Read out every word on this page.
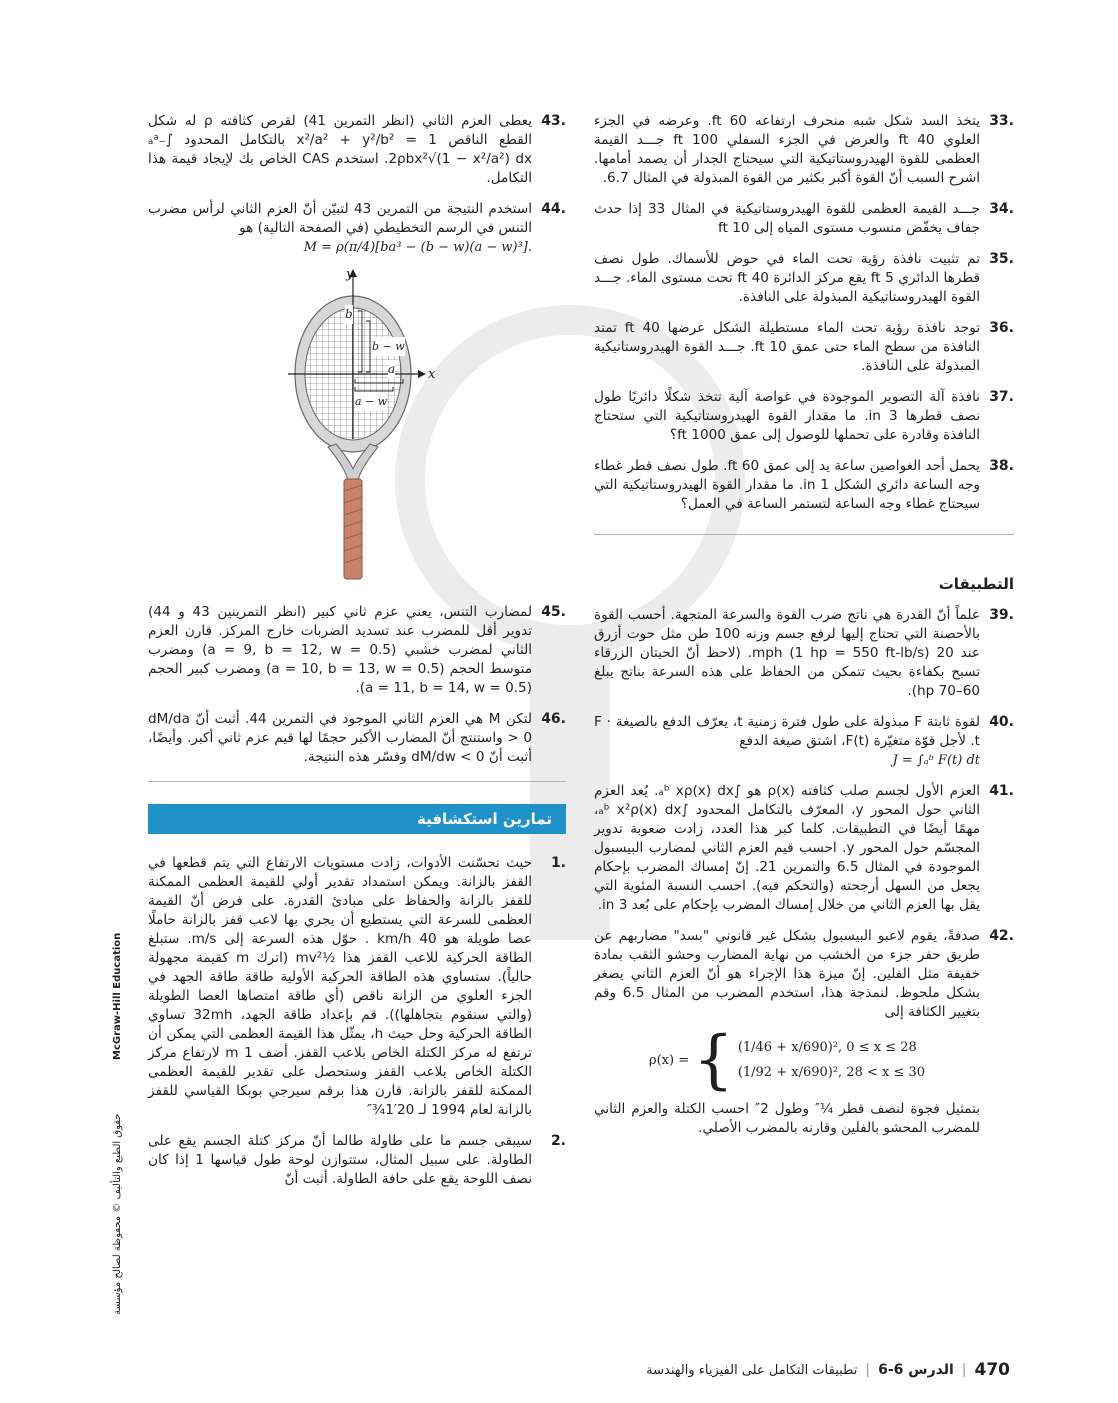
33.
يتخذ السد شكل شبه منحرف ارتفاعه 60 ft. وعرضه في الجزء العلوي 40 ft والعرض في الجزء السفلي 100 ft جـــد القيمة العظمى للقوة الهيدروستاتيكية التي سيحتاج الجدار أن يصمد أمامها. اشرح السبب أنّ القوة أكبر بكثير من القوة المبذولة في المثال 6.7.
34.
جـــد القيمة العظمى للقوة الهيدروستاتيكية في المثال 33 إذا حدث جفاف يخفّض منسوب مستوى المياه إلى 10 ft
35.
تم تثبيت نافذة رؤية تحت الماء في حوض للأسماك. طول نصف قطرها الدائري 5 ft يقع مركز الدائرة 40 ft تحت مستوى الماء. جـــد القوة الهيدروستاتيكية المبذولة على النافذة.
36.
توجد نافذة رؤية تحت الماء مستطيلة الشكل عرضها 40 ft تمتد النافذة من سطح الماء حتى عمق 10 ft. جـــد القوة الهيدروستاتيكية المبذولة على النافذة.
37.
نافذة آلة التصوير الموجودة في غواصة آلية تتخذ شكلًا دائريًا طول نصف قطرها 3 in. ما مقدار القوة الهيدروستاتيكية التي ستحتاج النافذة وقادرة على تحملها للوصول إلى عمق 1000 ft؟
38.
يحمل أحد الغواصين ساعة يد إلى عمق 60 ft. طول نصف قطر غطاء وجه الساعة دائري الشكل 1 in. ما مقدار القوة الهيدروستاتيكية التي سيحتاج غطاء وجه الساعة لتستمر الساعة في العمل؟
التطبيقات
39.
علماً أنّ القدرة هي ناتج ضرب القوة والسرعة المتجهة. أحسب القوة بالأحصنة التي تحتاج إليها لرفع جسم وزنه 100 طن مثل حوت أزرق عند 20 mph (1 hp = 550 ft-lb/s). (لاحظ أنّ الحيتان الزرقاء تسبح بكفاءة بحيث تتمكن من الحفاظ على هذه السرعة بناتج يبلغ 60–70 hp).
40.
لقوة ثابتة F مبذولة على طول فترة زمنية t، يعرّف الدفع بالصيغة F · t. لأجل قوّة متغيّرة F(t)، اشتق صيغة الدفع
J = ∫ₐᵇ F(t) dt
41.
العزم الأول لجسم صلب كثافته ρ(x) هو ∫ₐᵇ xρ(x) dx. يُعد العزم الثاني حول المحور y، المعرّف بالتكامل المحدود ∫ₐᵇ x²ρ(x) dx، مهمًا أيضًا في التطبيقات. كلما كبر هذا العدد، زادت صعوبة تدوير المجسّم حول المحور y. احسب قيم العزم الثاني لمضارب البيسبول الموجودة في المثال 6.5 والتمرين 21. إنّ إمساك المضرب بإحكام يجعل من السهل أرجحته (والتحكم فيه). احسب النسبة المئوية التي يقل بها العزم الثاني من خلال إمساك المضرب بإحكام على بُعد 3 in.
42.
صدفةً، يقوم لاعبو البيسبول بشكل غير قانوني "بسد" مضاربهم عن طريق حفر جزء من الخشب من نهاية المضارب وحشو الثقب بمادة خفيفة مثل الفلين. إنّ ميزة هذا الإجراء هو أنّ العزم الثاني يصغر بشكل ملحوظ. لنمذجة هذا، استخدم المضرب من المثال 6.5 وقم بتغيير الكثافة إلى
ρ(x) = { (1/46 + x/690)², 0 ≤ x ≤ 28
(1/92 + x/690)², 28 < x ≤ 30
بتمثيل فجوة لنصف قطر ¼″ وطول 2″ احسب الكتلة والعزم الثاني للمضرب المحشو بالفلين وقارنه بالمضرب الأصلي.
43.
يعطى العزم الثاني (انظر التمرين 41) لقرص كثافته ρ له شكل القطع الناقص x²/a² + y²/b² = 1 بالتكامل المحدود ∫₋ₐᵃ 2ρbx²√(1 − x²/a²) dx. استخدم CAS الخاص بك لإيجاد قيمة هذا التكامل.
44.
استخدم النتيجة من التمرين 43 لتبيّن أنّ العزم الثاني لرأس مضرب التنس في الرسم التخطيطي (في الصفحة التالية) هو
M = ρ(π/4)[ba³ − (b − w)(a − w)³].
y
x
b
b − w
a
a − w
45.
لمضارب التنس، يعني عزم ثاني كبير (انظر التمرينين 43 و 44) تدوير أقل للمضرب عند تسديد الضربات خارج المركز. قارن العزم الثاني لمضرب خشبي (a = 9, b = 12, w = 0.5) ومضرب متوسط الحجم (a = 10, b = 13, w = 0.5) ومضرب كبير الحجم (a = 11, b = 14, w = 0.5).
46.
لتكن M هي العزم الثاني الموجود في التمرين 44. أثبت أنّ dM/da > 0 واستنتج أنّ المضارب الأكبر حجمًا لها قيم عزم ثاني أكبر. وأيضًا، أثبت أنّ dM/dw < 0 وفسّر هذه النتيجة.
تمارين استكشافية
1.
حيث تحسّنت الأدوات، زادت مستويات الارتفاع التي يتم قطعها في القفز بالزانة. ويمكن استمداد تقدير أولي للقيمة العظمى الممكنة للقفز بالزانة والحفاظ على مبادئ القدرة. على فرض أنّ القيمة العظمى للسرعة التي يستطيع أن يجري بها لاعب قفز بالزانة حاملًا عصا طويلة هو 40 km/h . حوّل هذه السرعة إلى m/s. ستبلغ الطاقة الحركية للاعب القفز هذا ½mv² (اترك m كقيمة مجهولة حالياً). ستساوي هذه الطاقة الحركية الأولية طاقة طاقة الجهد في الجزء العلوي من الزانة ناقص (أي طاقة امتصاها العصا الطويلة (والتي سنقوم بتجاهلها)). قم بإعداد طاقة الجهد، 32mh تساوي الطاقة الحركية وحل حيث h، يمثّل هذا القيمة العظمى التي يمكن أن ترتفع له مركز الكتلة الخاص بلاعب القفز. أضف 1 m لارتفاع مركز الكتلة الخاص بلاعب القفز وستحصل على تقدير للقيمة العظمى الممكنة للقفز بالزانة. قارن هذا برقم سيرجي بوبكا القياسي للقفز بالزانة لعام 1994 لـ 20′1¾″
2.
سيبقى جسم ما على طاولة طالما أنّ مركز كتلة الجسم يقع على الطاولة. على سبيل المثال، ستتوازن لوحة طول قياسها 1 إذا كان نصف اللوحة يقع على حافة الطاولة. أثبت أنّ
حقوق الطبع والتأليف © محفوظة لصالح مؤسسة
McGraw-Hill Education
470
|
الدرس 6-6
|
تطبيقات التكامل على الفيزياء والهندسة
